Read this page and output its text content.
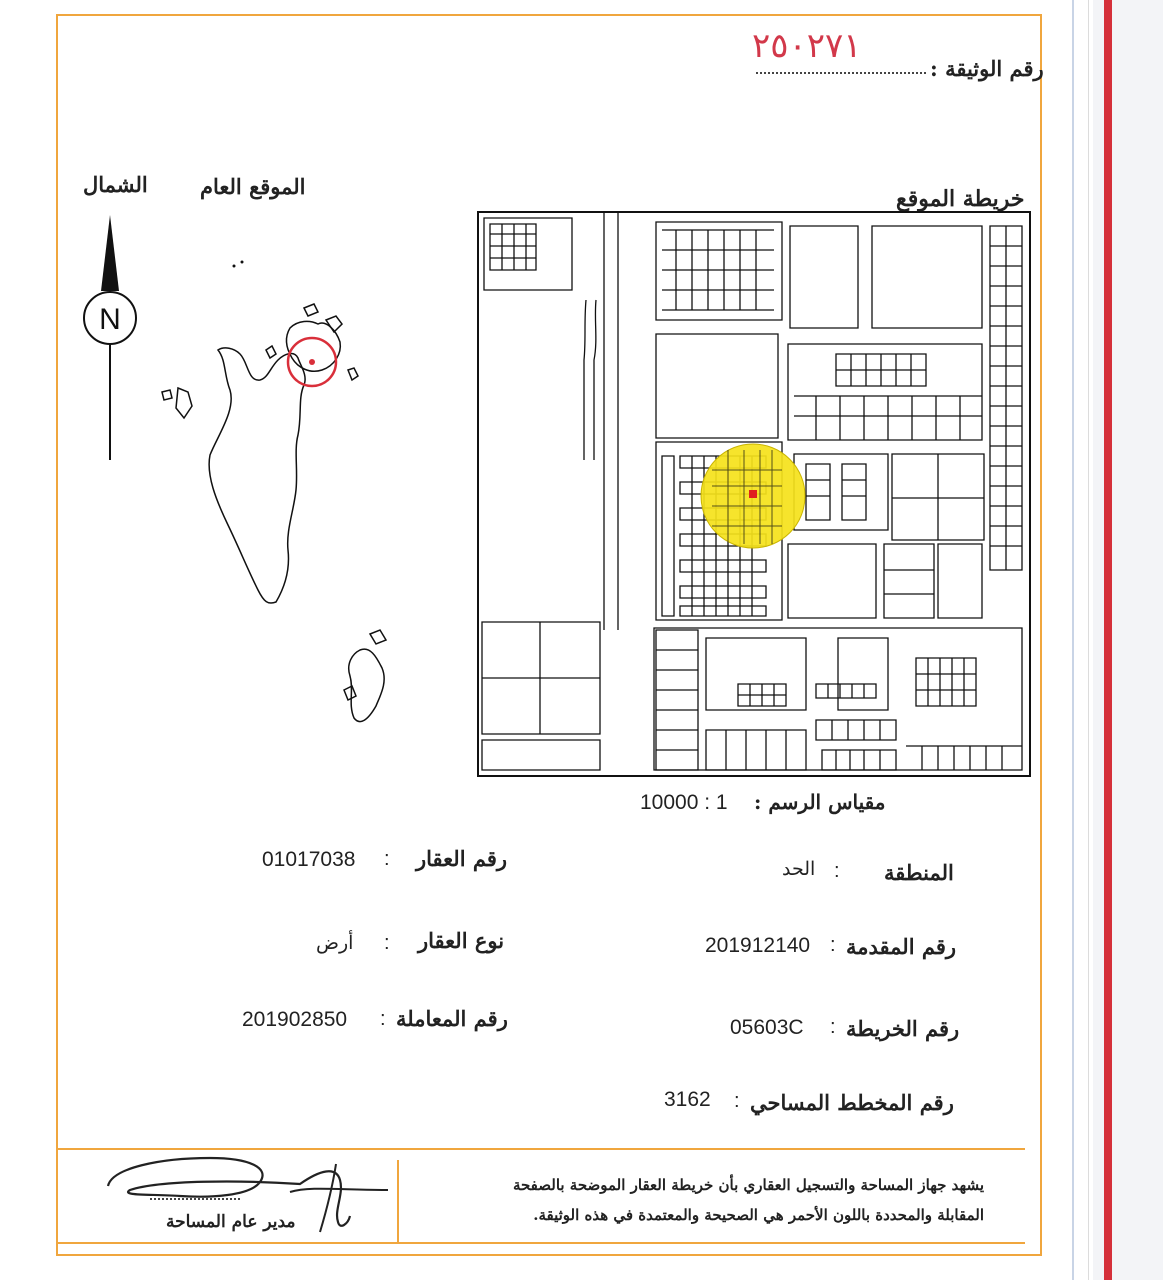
رقم الوثيقة :
٢٥٠٢٧١
الموقع العام
الشمال
N
خريطة الموقع
مقياس الرسم :
10000 : 1
المنطقة
:
الحد
رقم المقدمة
:
201912140
رقم الخريطة
:
05603C
رقم المخطط المساحي
:
3162
رقم العقار
:
01017038
نوع العقار
:
أرض
رقم المعاملة
:
201902850
يشهد جهاز المساحة والتسجيل العقاري بأن خريطة العقار الموضحة بالصفحة
المقابلة والمحددة باللون الأحمر هي الصحيحة والمعتمدة في هذه الوثيقة.
مدير عام المساحة
